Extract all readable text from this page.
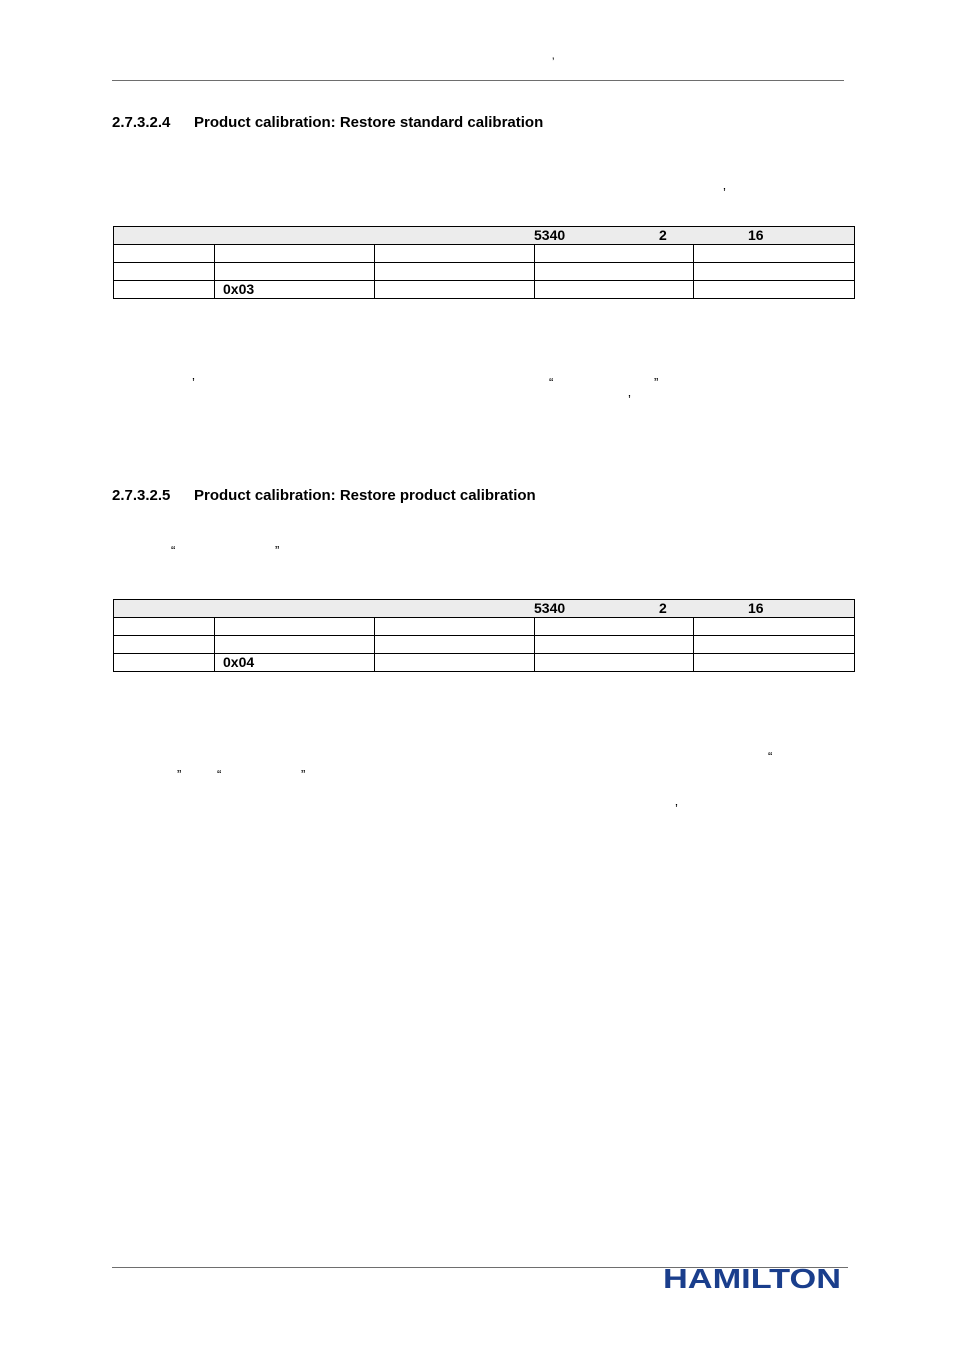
’
2.7.3.2.4 Product calibration: Restore standard calibration
’
5340 2 16				

	0x03			
’	“	”
’
2.7.3.2.5 Product calibration: Restore product calibration
“	”
5340 2 16				

	0x04			
“
”	“	”
’
HAMILTON
